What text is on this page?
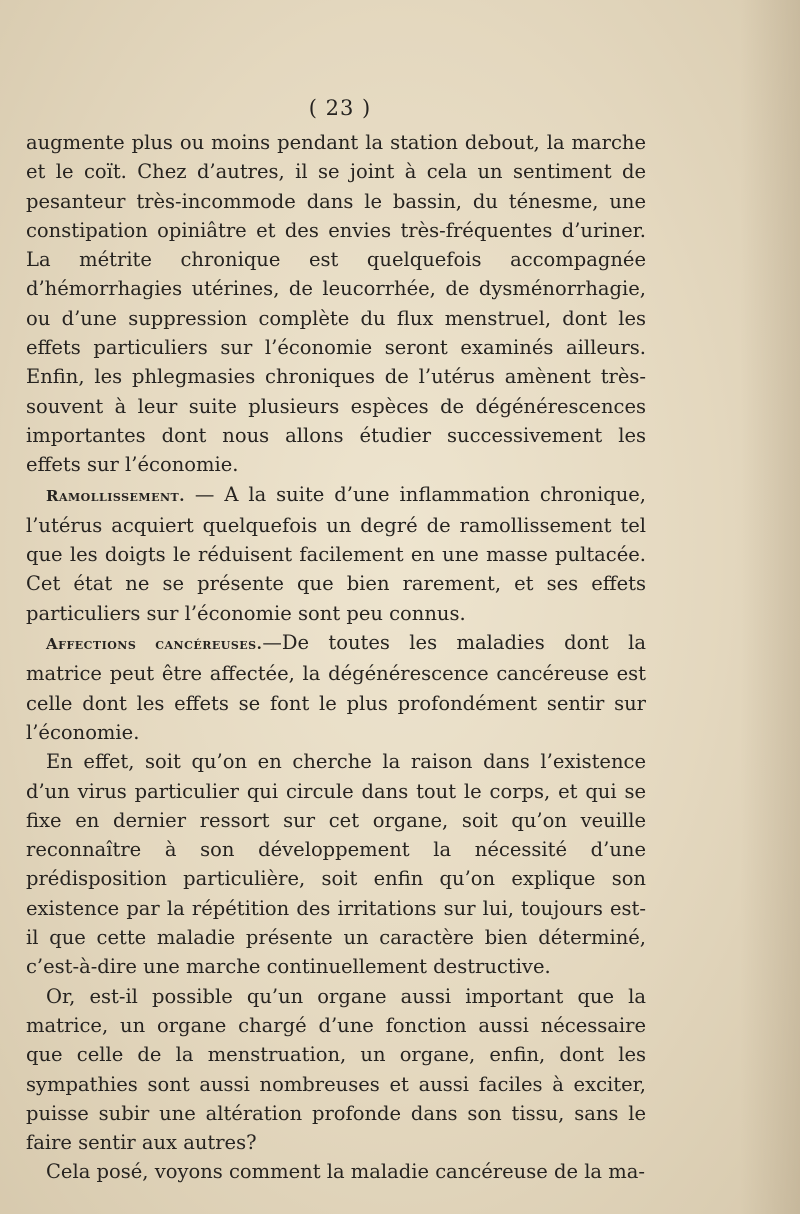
( 23 )

augmente plus ou moins pendant la station debout, la marche et le coït. Chez d’autres, il se joint à cela un sentiment de pesanteur très-incommode dans le bassin, du ténesme, une constipation opiniâtre et des envies très-fréquentes d’uriner. La métrite chronique est quelquefois accompagnée d’hémorrhagies utérines, de leucorrhée, de dysménorrhagie, ou d’une suppression complète du flux menstruel, dont les effets particuliers sur l’économie seront examinés ailleurs. Enfin, les phlegmasies chroniques de l’utérus amènent très-souvent à leur suite plusieurs espèces de dégénérescences importantes dont nous allons étudier successivement les effets sur l’économie.

Ramollissement. — A la suite d’une inflammation chronique, l’utérus acquiert quelquefois un degré de ramollissement tel que les doigts le réduisent facilement en une masse pultacée. Cet état ne se présente que bien rarement, et ses effets particuliers sur l’économie sont peu connus.

Affections cancéreuses.—De toutes les maladies dont la matrice peut être affectée, la dégénérescence cancéreuse est celle dont les effets se font le plus profondément sentir sur l’économie.

En effet, soit qu’on en cherche la raison dans l’existence d’un virus particulier qui circule dans tout le corps, et qui se fixe en dernier ressort sur cet organe, soit qu’on veuille reconnaître à son développement la nécessité d’une prédisposition particulière, soit enfin qu’on explique son existence par la répétition des irritations sur lui, toujours est-il que cette maladie présente un caractère bien déterminé, c’est-à-dire une marche continuellement destructive.

Or, est-il possible qu’un organe aussi important que la matrice, un organe chargé d’une fonction aussi nécessaire que celle de la menstruation, un organe, enfin, dont les sympathies sont aussi nombreuses et aussi faciles à exciter, puisse subir une altération profonde dans son tissu, sans le faire sentir aux autres?

Cela posé, voyons comment la maladie cancéreuse de la ma-
